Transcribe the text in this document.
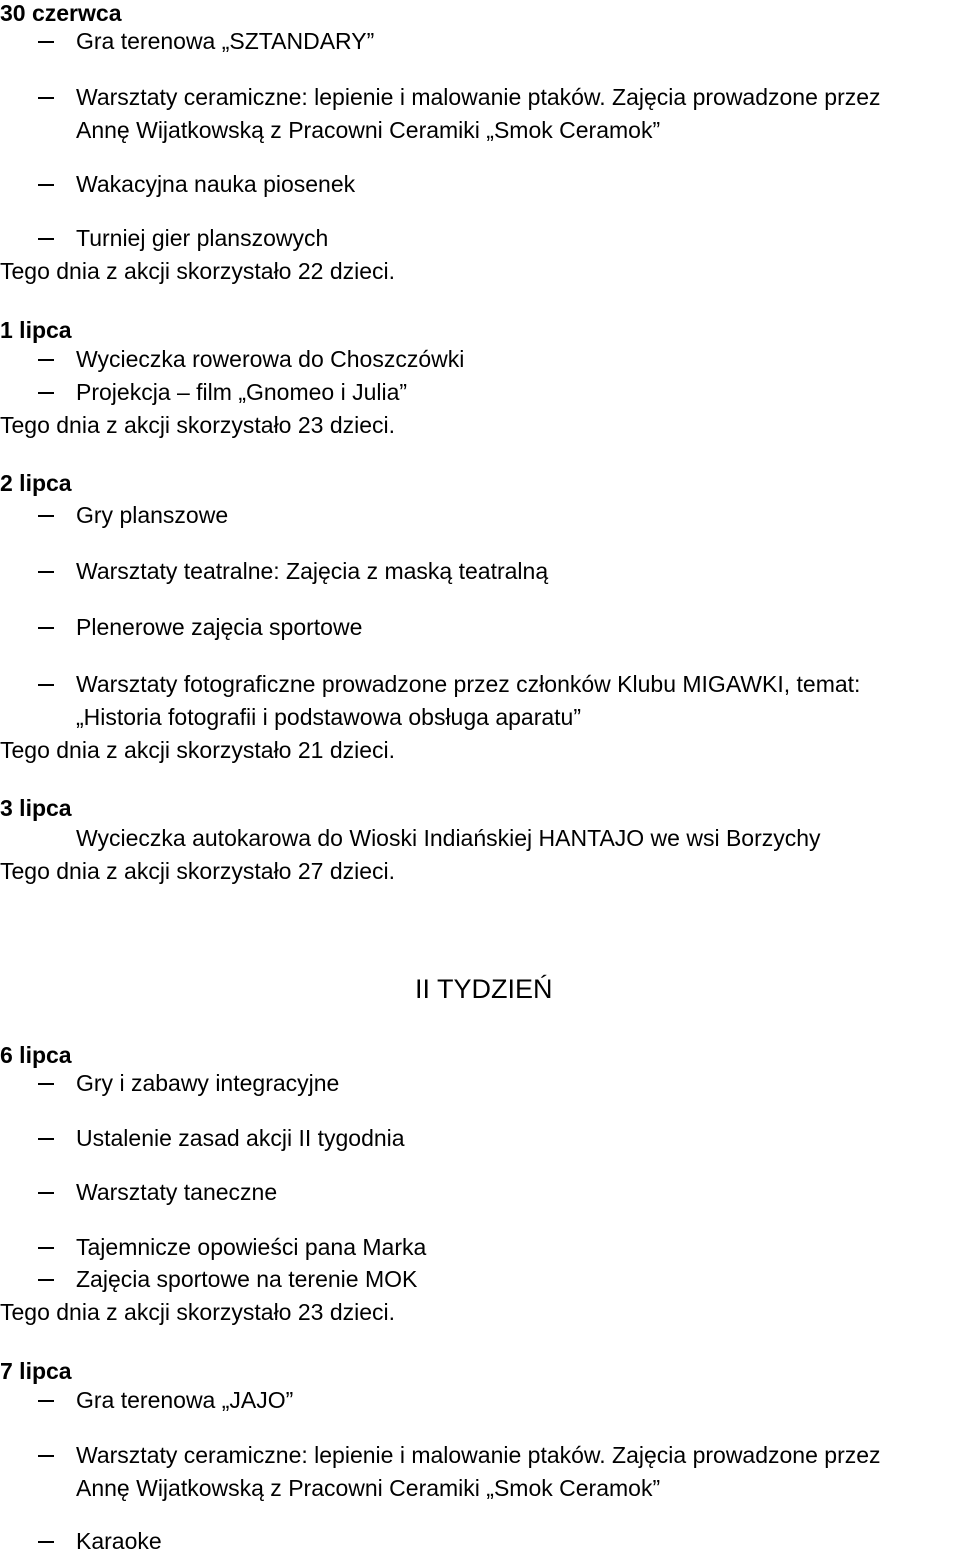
30 czerwca
Gra terenowa „SZTANDARY”
Warsztaty ceramiczne: lepienie i malowanie ptaków. Zajęcia prowadzone przez
Annę Wijatkowską z Pracowni Ceramiki „Smok Ceramok”
Wakacyjna nauka piosenek
Turniej gier planszowych
Tego dnia z akcji skorzystało 22 dzieci.
1 lipca
Wycieczka rowerowa do Choszczówki
Projekcja – film „Gnomeo i Julia”
Tego dnia z akcji skorzystało 23 dzieci.
2 lipca
Gry planszowe
Warsztaty teatralne: Zajęcia z maską teatralną
Plenerowe zajęcia sportowe
Warsztaty fotograficzne prowadzone przez członków Klubu MIGAWKI, temat:
„Historia fotografii i podstawowa obsługa aparatu”
Tego dnia z akcji skorzystało 21 dzieci.
3 lipca
Wycieczka autokarowa do Wioski Indiańskiej HANTAJO we wsi Borzychy
Tego dnia z akcji skorzystało 27 dzieci.
II TYDZIEŃ
6 lipca
Gry i zabawy integracyjne
Ustalenie zasad akcji II tygodnia
Warsztaty taneczne
Tajemnicze opowieści pana Marka
Zajęcia sportowe na terenie MOK
Tego dnia z akcji skorzystało 23 dzieci.
7 lipca
Gra terenowa „JAJO”
Warsztaty ceramiczne: lepienie i malowanie ptaków. Zajęcia prowadzone przez
Annę Wijatkowską z Pracowni Ceramiki „Smok Ceramok”
Karaoke
